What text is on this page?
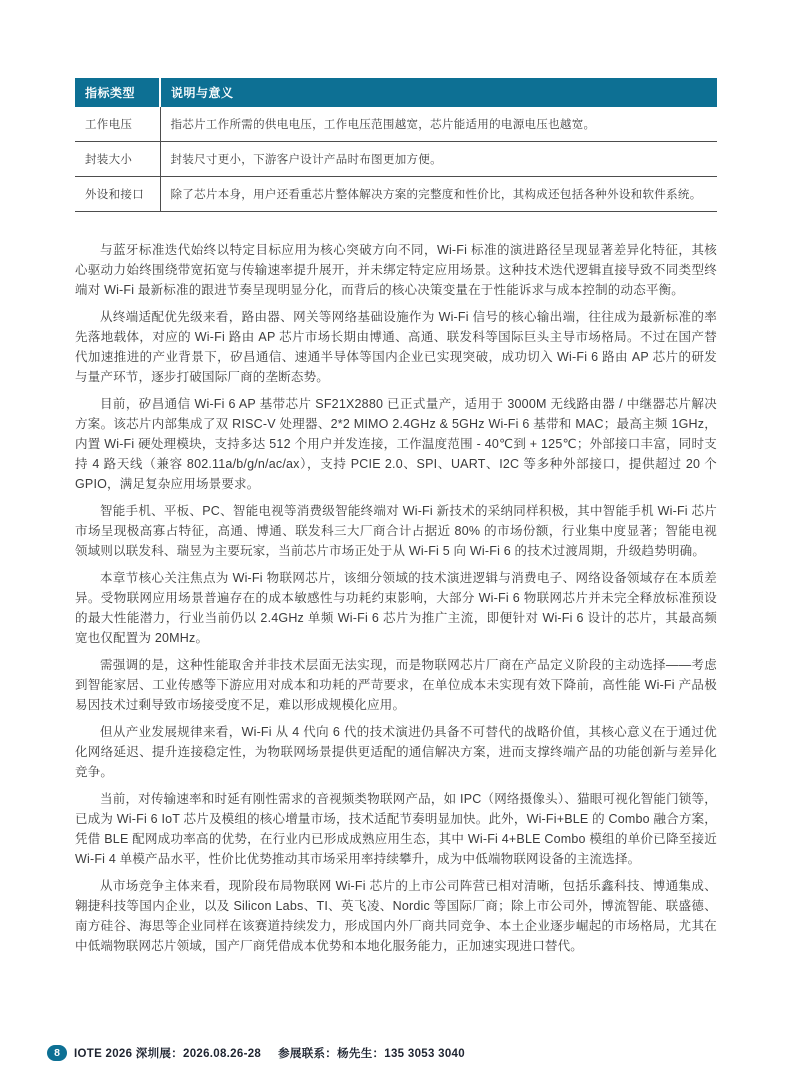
指标类型	说明与意义
工作电压	指芯片工作所需的供电电压，工作电压范围越宽，芯片能适用的电源电压也越宽。
封装大小	封装尺寸更小，下游客户设计产品时布图更加方便。
外设和接口	除了芯片本身，用户还看重芯片整体解决方案的完整度和性价比，其构成还包括各种外设和软件系统。

与蓝牙标准迭代始终以特定目标应用为核心突破方向不同，Wi-Fi 标准的演进路径呈现显著差异化特征，其核心驱动力始终围绕带宽拓宽与传输速率提升展开，并未绑定特定应用场景。这种技术迭代逻辑直接导致不同类型终端对 Wi-Fi 最新标准的跟进节奏呈现明显分化，而背后的核心决策变量在于性能诉求与成本控制的动态平衡。

从终端适配优先级来看，路由器、网关等网络基础设施作为 Wi-Fi 信号的核心输出端，往往成为最新标准的率先落地载体，对应的 Wi-Fi 路由 AP 芯片市场长期由博通、高通、联发科等国际巨头主导市场格局。不过在国产替代加速推进的产业背景下，矽昌通信、速通半导体等国内企业已实现突破，成功切入 Wi-Fi 6 路由 AP 芯片的研发与量产环节，逐步打破国际厂商的垄断态势。

目前，矽昌通信 Wi-Fi 6 AP 基带芯片 SF21X2880 已正式量产，适用于 3000M 无线路由器 / 中继器芯片解决方案。该芯片内部集成了双 RISC-V 处理器、2*2 MIMO 2.4GHz & 5GHz Wi-Fi 6 基带和 MAC；最高主频 1GHz，内置 Wi-Fi 硬处理模块，支持多达 512 个用户并发连接，工作温度范围 - 40℃到 + 125℃；外部接口丰富，同时支持 4 路天线（兼容 802.11a/b/g/n/ac/ax），支持 PCIE 2.0、SPI、UART、I2C 等多种外部接口，提供超过 20 个 GPIO，满足复杂应用场景要求。

智能手机、平板、PC、智能电视等消费级智能终端对 Wi-Fi 新技术的采纳同样积极，其中智能手机 Wi-Fi 芯片市场呈现极高寡占特征，高通、博通、联发科三大厂商合计占据近 80% 的市场份额，行业集中度显著；智能电视领域则以联发科、瑞昱为主要玩家，当前芯片市场正处于从 Wi-Fi 5 向 Wi-Fi 6 的技术过渡周期，升级趋势明确。

本章节核心关注焦点为 Wi-Fi 物联网芯片，该细分领域的技术演进逻辑与消费电子、网络设备领域存在本质差异。受物联网应用场景普遍存在的成本敏感性与功耗约束影响，大部分 Wi-Fi 6 物联网芯片并未完全释放标准预设的最大性能潜力，行业当前仍以 2.4GHz 单频 Wi-Fi 6 芯片为推广主流，即便针对 Wi-Fi 6 设计的芯片，其最高频宽也仅配置为 20MHz。

需强调的是，这种性能取舍并非技术层面无法实现，而是物联网芯片厂商在产品定义阶段的主动选择——考虑到智能家居、工业传感等下游应用对成本和功耗的严苛要求，在单位成本未实现有效下降前，高性能 Wi-Fi 产品极易因技术过剩导致市场接受度不足，难以形成规模化应用。

但从产业发展规律来看，Wi-Fi 从 4 代向 6 代的技术演进仍具备不可替代的战略价值，其核心意义在于通过优化网络延迟、提升连接稳定性，为物联网场景提供更适配的通信解决方案，进而支撑终端产品的功能创新与差异化竞争。

当前，对传输速率和时延有刚性需求的音视频类物联网产品，如 IPC（网络摄像头）、猫眼可视化智能门锁等，已成为 Wi-Fi 6 IoT 芯片及模组的核心增量市场，技术适配节奏明显加快。此外，Wi-Fi+BLE 的 Combo 融合方案，凭借 BLE 配网成功率高的优势，在行业内已形成成熟应用生态，其中 Wi-Fi 4+BLE Combo 模组的单价已降至接近 Wi-Fi 4 单模产品水平，性价比优势推动其市场采用率持续攀升，成为中低端物联网设备的主流选择。

从市场竞争主体来看，现阶段布局物联网 Wi-Fi 芯片的上市公司阵营已相对清晰，包括乐鑫科技、博通集成、翱捷科技等国内企业，以及 Silicon Labs、TI、英飞凌、Nordic 等国际厂商；除上市公司外，博流智能、联盛德、南方硅谷、海思等企业同样在该赛道持续发力，形成国内外厂商共同竞争、本土企业逐步崛起的市场格局，尤其在中低端物联网芯片领域，国产厂商凭借成本优势和本地化服务能力，正加速实现进口替代。

8	IOTE 2026 深圳展：2026.08.26-28 参展联系：杨先生：135 3053 3040
